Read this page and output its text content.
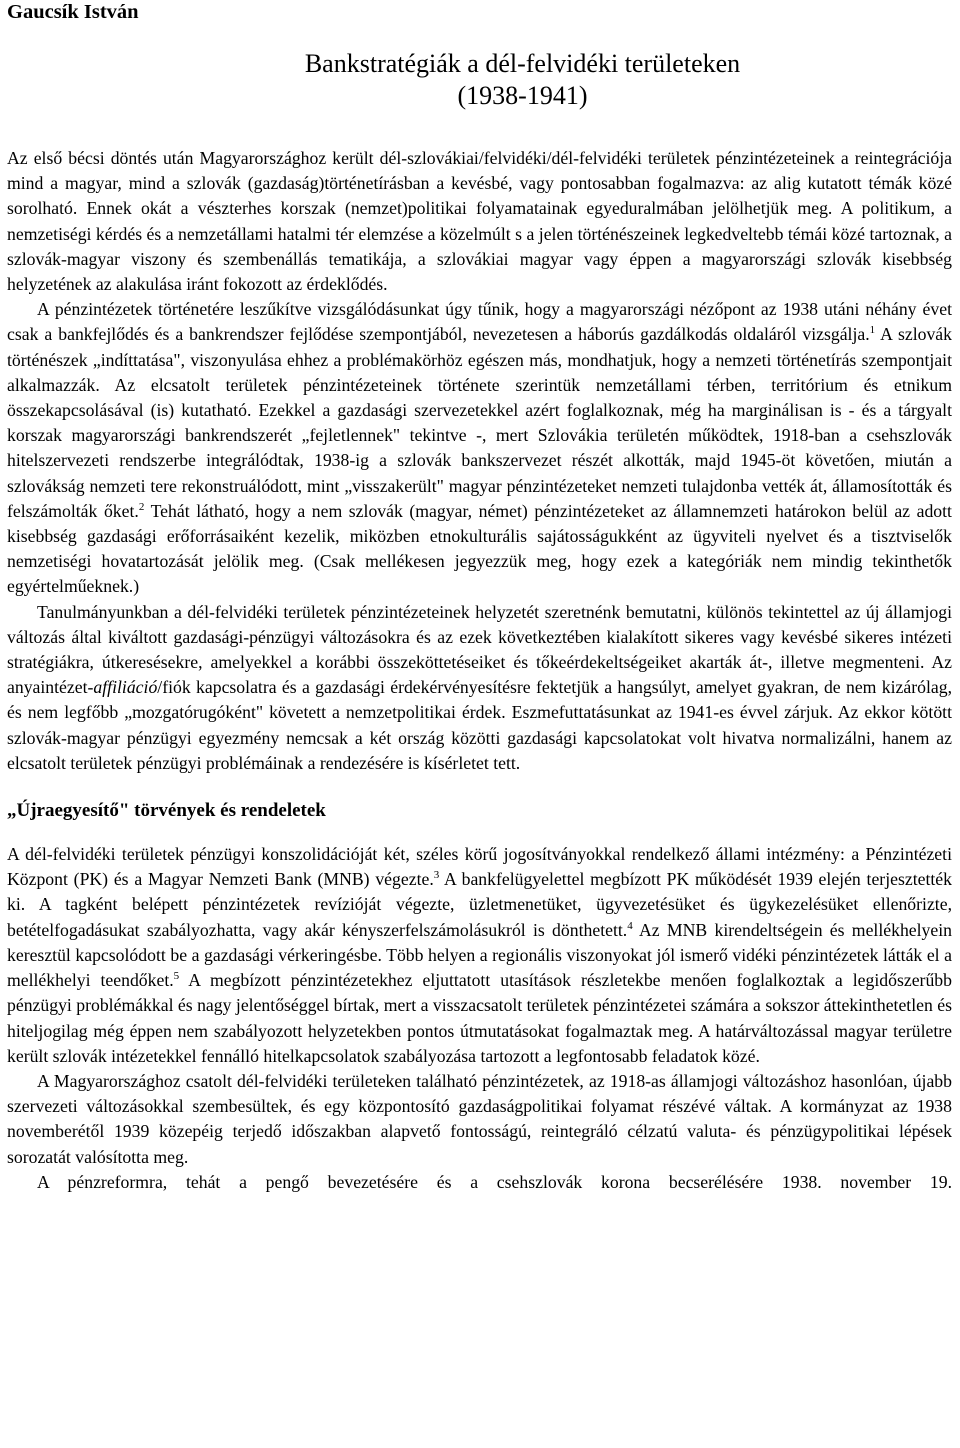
Gaucsík István
Bankstratégiák a dél-felvidéki területeken
(1938-1941)

Az első bécsi döntés után Magyarországhoz került dél-szlovákiai/felvidéki/dél-felvidéki területek pénzintézeteinek a reintegrációja mind a magyar, mind a szlovák (gazdaság)történetírásban a kevésbé, vagy pontosabban fogalmazva: az alig kutatott témák közé sorolható. Ennek okát a vészterhes korszak (nemzet)politikai folyamatainak egyeduralmában jelölhetjük meg. A politikum, a nemzetiségi kérdés és a nemzetállami hatalmi tér elemzése a közelmúlt s a jelen történészeinek legkedveltebb témái közé tartoznak, a szlovák-magyar viszony és szembenállás tematikája, a szlovákiai magyar vagy éppen a magyarországi szlovák kisebbség helyzetének az alakulása iránt fokozott az érdeklődés.

A pénzintézetek történetére leszűkítve vizsgálódásunkat úgy tűnik, hogy a magyarországi nézőpont az 1938 utáni néhány évet csak a bankfejlődés és a bankrendszer fejlődése szempontjából, nevezetesen a háborús gazdálkodás oldaláról vizsgálja.$^1$ A szlovák történészek „indíttatása", viszonyulása ehhez a problémakörhöz egészen más, mondhatjuk, hogy a nemzeti történetírás szempontjait alkalmazzák. Az elcsatolt területek pénzintézeteinek története szerintük nemzetállami térben, territórium és etnikum összekapcsolásával (is) kutatható. Ezekkel a gazdasági szervezetekkel azért foglalkoznak, még ha marginálisan is - és a tárgyalt korszak magyarországi bankrendszerét „fejletlennek" tekintve -, mert Szlovákia területén működtek, 1918-ban a csehszlovák hitelszervezeti rendszerbe integrálódtak, 1938-ig a szlovák bankszervezet részét alkották, majd 1945-öt követően, miután a szlovákság nemzeti tere rekonstruálódott, mint „visszakerült" magyar pénzintézeteket nemzeti tulajdonba vették át, államosították és felszámolták őket.$^2$ Tehát látható, hogy a nem szlovák (magyar, német) pénzintézeteket az államnemzeti határokon belül az adott kisebbség gazdasági erőforrásaiként kezelik, miközben etnokulturális sajátosságukként az ügyviteli nyelvet és a tisztviselők nemzetiségi hovatartozását jelölik meg. (Csak mellékesen jegyezzük meg, hogy ezek a kategóriák nem mindig tekinthetők egyértelműeknek.)

Tanulmányunkban a dél-felvidéki területek pénzintézeteinek helyzetét szeretnénk bemutatni, különös tekintettel az új államjogi változás által kiváltott gazdasági-pénzügyi változásokra és az ezek következtében kialakított sikeres vagy kevésbé sikeres intézeti stratégiákra, útkeresésekre, amelyekkel a korábbi összeköttetéseiket és tőkeérdekeltségeiket akarták át-, illetve megmenteni. Az anyaintézet-affiliáció/fiók kapcsolatra és a gazdasági érdekérvényesítésre fektetjük a hangsúlyt, amelyet gyakran, de nem kizárólag, és nem legfőbb „mozgatórugóként" követett a nemzetpolitikai érdek. Eszmefuttatásunkat az 1941-es évvel zárjuk. Az ekkor kötött szlovák-magyar pénzügyi egyezmény nemcsak a két ország közötti gazdasági kapcsolatokat volt hivatva normalizálni, hanem az elcsatolt területek pénzügyi problémáinak a rendezésére is kísérletet tett.

„Újraegyesítő" törvények és rendeletek

A dél-felvidéki területek pénzügyi konszolidációját két, széles körű jogosítványokkal rendelkező állami intézmény: a Pénzintézeti Központ (PK) és a Magyar Nemzeti Bank (MNB) végezte.$^3$ A bankfelügyelettel megbízott PK működését 1939 elején terjesztették ki. A tagként belépett pénzintézetek revízióját végezte, üzletmenetüket, ügyvezetésüket és ügykezelésüket ellenőrizte, betételfogadásukat szabályozhatta, vagy akár kényszerfelszámolásukról is dönthetett.$^4$ Az MNB kirendeltségein és mellékhelyein keresztül kapcsolódott be a gazdasági vérkeringésbe. Több helyen a regionális viszonyokat jól ismerő vidéki pénzintézetek látták el a mellékhelyi teendőket.$^5$ A megbízott pénzintézetekhez eljuttatott utasítások részletekbe menően foglalkoztak a legidőszerűbb pénzügyi problémákkal és nagy jelentőséggel bírtak, mert a visszacsatolt területek pénzintézetei számára a sokszor áttekinthetetlen és hiteljogilag még éppen nem szabályozott helyzetekben pontos útmutatásokat fogalmaztak meg. A határváltozással magyar területre került szlovák intézetekkel fennálló hitelkapcsolatok szabályozása tartozott a legfontosabb feladatok közé.

A Magyarországhoz csatolt dél-felvidéki területeken található pénzintézetek, az 1918-as államjogi változáshoz hasonlóan, újabb szervezeti változásokkal szembesültek, és egy központosító gazdaságpolitikai folyamat részévé váltak. A kormányzat az 1938 novemberétől 1939 közepéig terjedő időszakban alapvető fontosságú, reintegráló célzatú valuta- és pénzügypolitikai lépések sorozatát valósította meg.

A pénzreformra, tehát a pengő bevezetésére és a csehszlovák korona becserélésére 1938. november 19.
